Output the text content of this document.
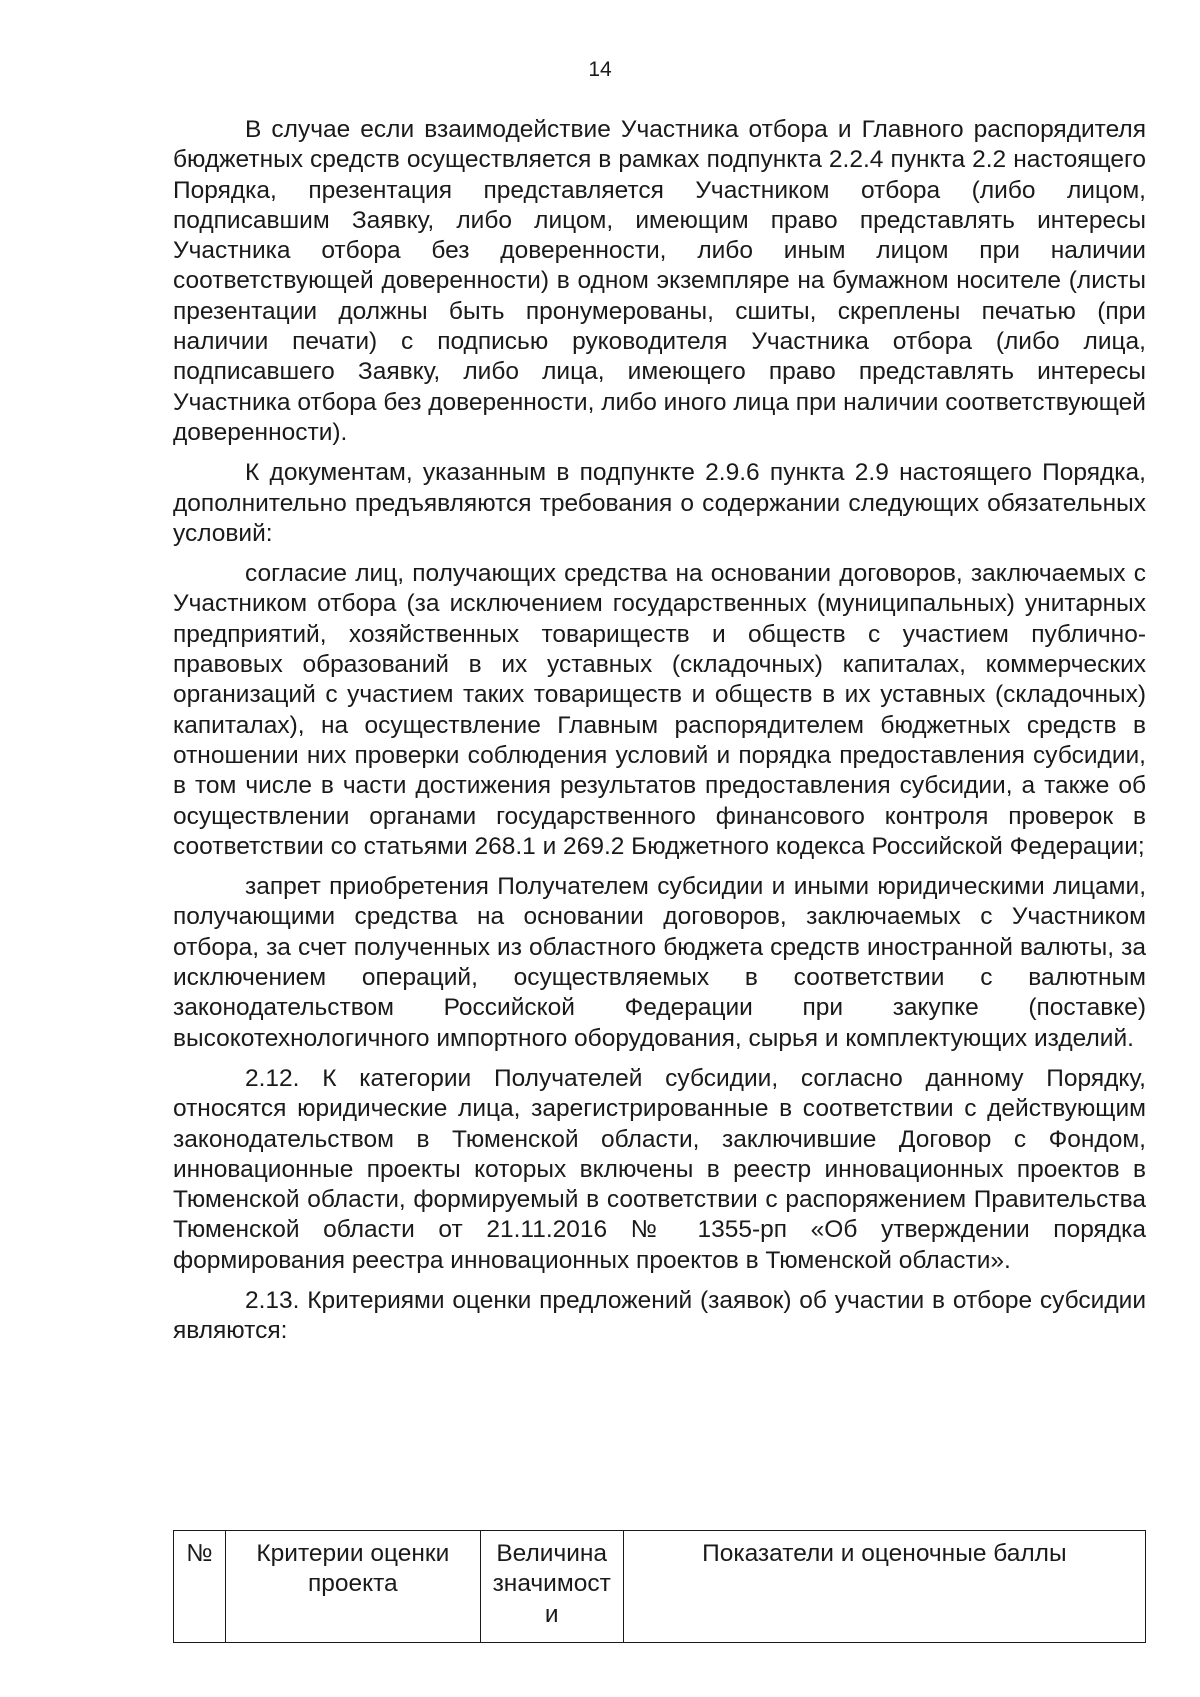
14

В случае если взаимодействие Участника отбора и Главного распорядителя бюджетных средств осуществляется в рамках подпункта 2.2.4 пункта 2.2 настоящего Порядка, презентация представляется Участником отбора (либо лицом, подписавшим Заявку, либо лицом, имеющим право представлять интересы Участника отбора без доверенности, либо иным лицом при наличии соответствующей доверенности) в одном экземпляре на бумажном носителе (листы презентации должны быть пронумерованы, сшиты, скреплены печатью (при наличии печати) с подписью руководителя Участника отбора (либо лица, подписавшего Заявку, либо лица, имеющего право представлять интересы Участника отбора без доверенности, либо иного лица при наличии соответствующей доверенности).

К документам, указанным в подпункте 2.9.6 пункта 2.9 настоящего Порядка, дополнительно предъявляются требования о содержании следующих обязательных условий:

согласие лиц, получающих средства на основании договоров, заключаемых с Участником отбора (за исключением государственных (муниципальных) унитарных предприятий, хозяйственных товариществ и обществ с участием публично-правовых образований в их уставных (складочных) капиталах, коммерческих организаций с участием таких товариществ и обществ в их уставных (складочных) капиталах), на осуществление Главным распорядителем бюджетных средств в отношении них проверки соблюдения условий и порядка предоставления субсидии, в том числе в части достижения результатов предоставления субсидии, а также об осуществлении органами государственного финансового контроля проверок в соответствии со статьями 268.1 и 269.2 Бюджетного кодекса Российской Федерации;

запрет приобретения Получателем субсидии и иными юридическими лицами, получающими средства на основании договоров, заключаемых с Участником отбора, за счет полученных из областного бюджета средств иностранной валюты, за исключением операций, осуществляемых в соответствии с валютным законодательством Российской Федерации при закупке (поставке) высокотехнологичного импортного оборудования, сырья и комплектующих изделий.

2.12. К категории Получателей субсидии, согласно данному Порядку, относятся юридические лица, зарегистрированные в соответствии с действующим законодательством в Тюменской области, заключившие Договор с Фондом, инновационные проекты которых включены в реестр инновационных проектов в Тюменской области, формируемый в соответствии с распоряжением Правительства Тюменской области от 21.11.2016 № 1355-рп «Об утверждении порядка формирования реестра инновационных проектов в Тюменской области».

2.13. Критериями оценки предложений (заявок) об участии в отборе субсидии являются:

№	Критерии оценки проекта	Величина значимост и	Показатели и оценочные баллы
